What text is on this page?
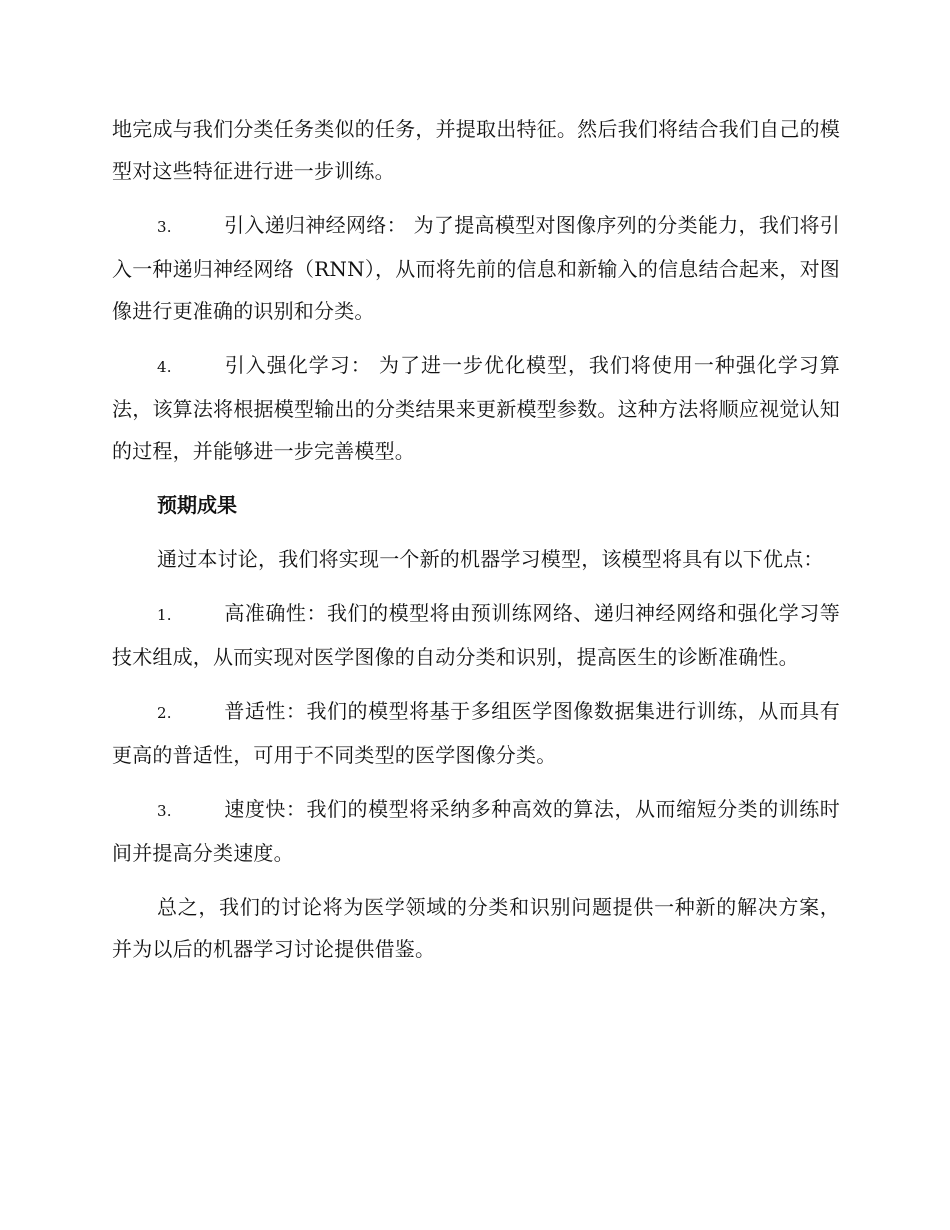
地完成与我们分类任务类似的任务，并提取出特征。然后我们将结合我们自己的模型对这些特征进行进一步训练。

3.	引入递归神经网络： 为了提高模型对图像序列的分类能力，我们将引入一种递归神经网络（RNN），从而将先前的信息和新输入的信息结合起来，对图像进行更准确的识别和分类。

4.	引入强化学习： 为了进一步优化模型，我们将使用一种强化学习算法，该算法将根据模型输出的分类结果来更新模型参数。这种方法将顺应视觉认知的过程，并能够进一步完善模型。

预期成果

通过本讨论，我们将实现一个新的机器学习模型，该模型将具有以下优点：

1.	高准确性：我们的模型将由预训练网络、递归神经网络和强化学习等技术组成，从而实现对医学图像的自动分类和识别，提高医生的诊断准确性。

2.	普适性：我们的模型将基于多组医学图像数据集进行训练，从而具有更高的普适性，可用于不同类型的医学图像分类。

3.	速度快：我们的模型将采纳多种高效的算法，从而缩短分类的训练时间并提高分类速度。

总之，我们的讨论将为医学领域的分类和识别问题提供一种新的解决方案，并为以后的机器学习讨论提供借鉴。
